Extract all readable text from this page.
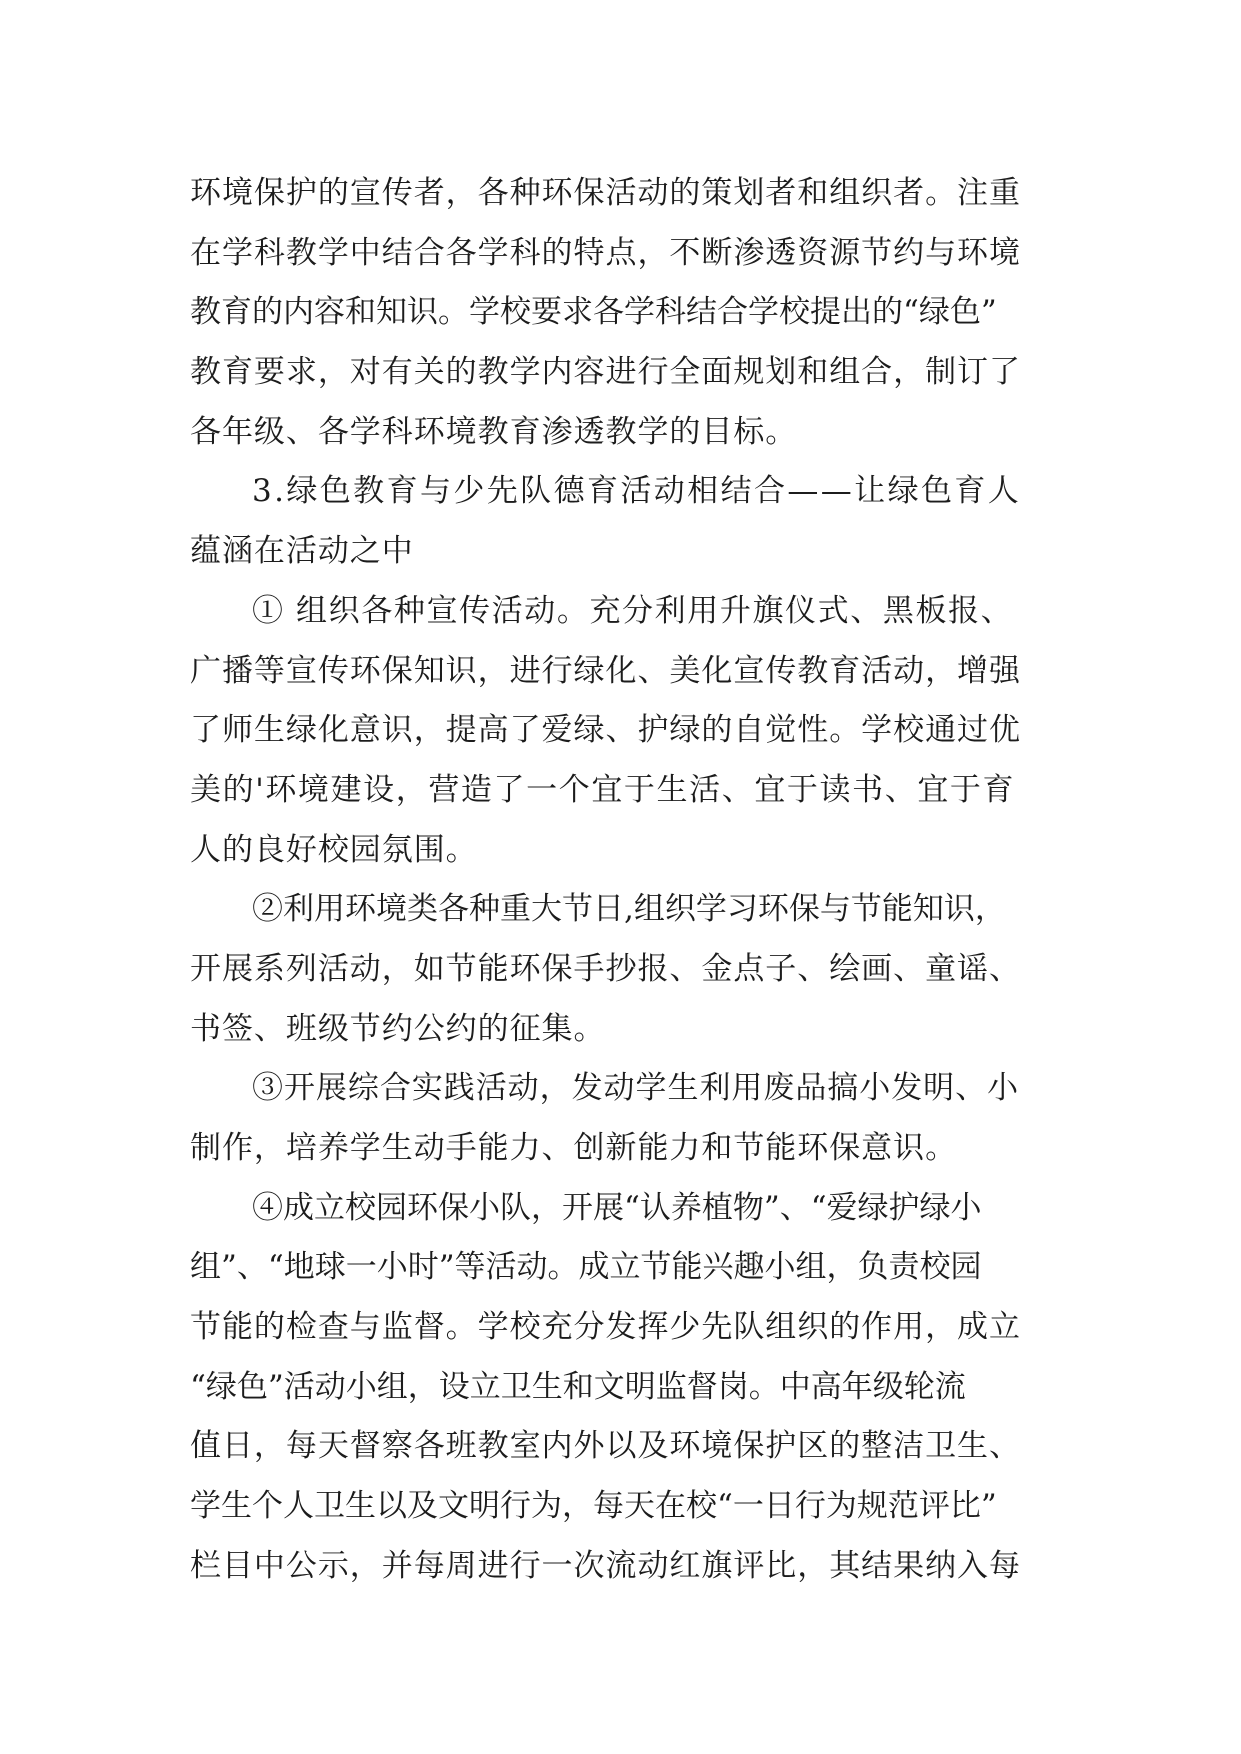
环境保护的宣传者，各种环保活动的策划者和组织者。注重
在学科教学中结合各学科的特点，不断渗透资源节约与环境
教育的内容和知识。学校要求各学科结合学校提出的“绿色”
教育要求，对有关的教学内容进行全面规划和组合，制订了
各年级、各学科环境教育渗透教学的目标。
3.绿色教育与少先队德育活动相结合——让绿色育人
蕴涵在活动之中
① 组织各种宣传活动。充分利用升旗仪式、黑板报、
广播等宣传环保知识，进行绿化、美化宣传教育活动，增强
了师生绿化意识，提高了爱绿、护绿的自觉性。学校通过优
美的'环境建设，营造了一个宜于生活、宜于读书、宜于育
人的良好校园氛围。
②利用环境类各种重大节日,组织学习环保与节能知识，
开展系列活动，如节能环保手抄报、金点子、绘画、童谣、
书签、班级节约公约的征集。
③开展综合实践活动，发动学生利用废品搞小发明、小
制作，培养学生动手能力、创新能力和节能环保意识。
④成立校园环保小队，开展“认养植物”、“爱绿护绿小
组”、“地球一小时”等活动。成立节能兴趣小组，负责校园
节能的检查与监督。学校充分发挥少先队组织的作用，成立
“绿色”活动小组，设立卫生和文明监督岗。中高年级轮流
值日，每天督察各班教室内外以及环境保护区的整洁卫生、
学生个人卫生以及文明行为，每天在校“一日行为规范评比”
栏目中公示，并每周进行一次流动红旗评比，其结果纳入每
